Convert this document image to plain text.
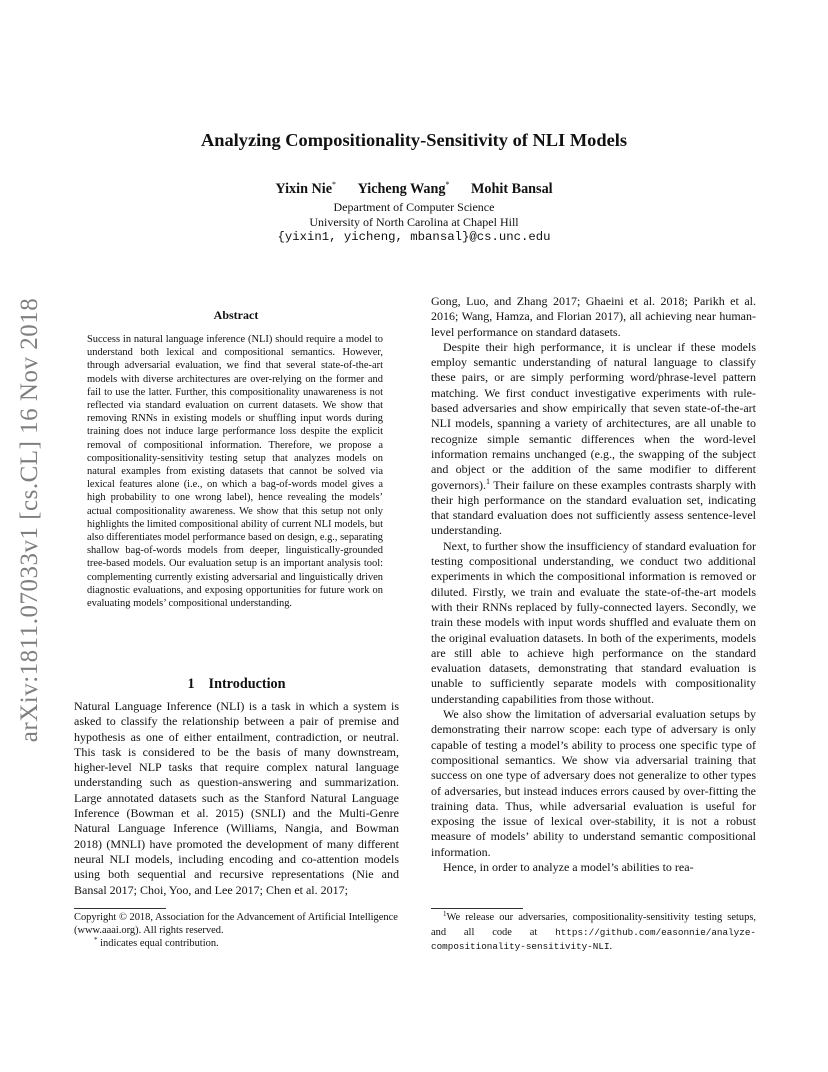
arXiv:1811.07033v1 [cs.CL] 16 Nov 2018
Analyzing Compositionality-Sensitivity of NLI Models
Yixin Nie* Yicheng Wang* Mohit Bansal
Department of Computer Science
University of North Carolina at Chapel Hill
{yixin1, yicheng, mbansal}@cs.unc.edu
Abstract
Success in natural language inference (NLI) should require a model to understand both lexical and compositional semantics. However, through adversarial evaluation, we find that several state-of-the-art models with diverse architectures are over-relying on the former and fail to use the latter. Further, this compositionality unawareness is not reflected via standard evaluation on current datasets. We show that removing RNNs in existing models or shuffling input words during training does not induce large performance loss despite the explicit removal of compositional information. Therefore, we propose a compositionality-sensitivity testing setup that analyzes models on natural examples from existing datasets that cannot be solved via lexical features alone (i.e., on which a bag-of-words model gives a high probability to one wrong label), hence revealing the models’ actual compositionality awareness. We show that this setup not only highlights the limited compositional ability of current NLI models, but also differentiates model performance based on design, e.g., separating shallow bag-of-words models from deeper, linguistically-grounded tree-based models. Our evaluation setup is an important analysis tool: complementing currently existing adversarial and linguistically driven diagnostic evaluations, and exposing opportunities for future work on evaluating models’ compositional understanding.
1 Introduction

Natural Language Inference (NLI) is a task in which a system is asked to classify the relationship between a pair of premise and hypothesis as one of either entailment, contradiction, or neutral. This task is considered to be the basis of many downstream, higher-level NLP tasks that require complex natural language understanding such as question-answering and summarization. Large annotated datasets such as the Stanford Natural Language Inference (Bowman et al. 2015) (SNLI) and the Multi-Genre Natural Language Inference (Williams, Nangia, and Bowman 2018) (MNLI) have promoted the development of many different neural NLI models, including encoding and co-attention models using both sequential and recursive representations (Nie and Bansal 2017; Choi, Yoo, and Lee 2017; Chen et al. 2017;

Gong, Luo, and Zhang 2017; Ghaeini et al. 2018; Parikh et al. 2016; Wang, Hamza, and Florian 2017), all achieving near human-level performance on standard datasets.

Despite their high performance, it is unclear if these models employ semantic understanding of natural language to classify these pairs, or are simply performing word/phrase-level pattern matching. We first conduct investigative experiments with rule-based adversaries and show empirically that seven state-of-the-art NLI models, spanning a variety of architectures, are all unable to recognize simple semantic differences when the word-level information remains unchanged (e.g., the swapping of the subject and object or the addition of the same modifier to different governors).$^1$ Their failure on these examples contrasts sharply with their high performance on the standard evaluation set, indicating that standard evaluation does not sufficiently assess sentence-level understanding.

Next, to further show the insufficiency of standard evaluation for testing compositional understanding, we conduct two additional experiments in which the compositional information is removed or diluted. Firstly, we train and evaluate the state-of-the-art models with their RNNs replaced by fully-connected layers. Secondly, we train these models with input words shuffled and evaluate them on the original evaluation datasets. In both of the experiments, models are still able to achieve high performance on the standard evaluation datasets, demonstrating that standard evaluation is unable to sufficiently separate models with compositionality understanding capabilities from those without.

We also show the limitation of adversarial evaluation setups by demonstrating their narrow scope: each type of adversary is only capable of testing a model’s ability to process one specific type of compositional semantics. We show via adversarial training that success on one type of adversary does not generalize to other types of adversaries, but instead induces errors caused by over-fitting the training data. Thus, while adversarial evaluation is useful for exposing the issue of lexical over-stability, it is not a robust measure of models’ ability to understand semantic compositional information.

Hence, in order to analyze a model’s abilities to rea-

Copyright © 2018, Association for the Advancement of Artificial Intelligence (www.aaai.org). All rights reserved.
* indicates equal contribution.
$^1$We release our adversaries, compositionality-sensitivity testing setups, and all code at https://github.com/easonnie/analyze-compositionality-sensitivity-NLI.
